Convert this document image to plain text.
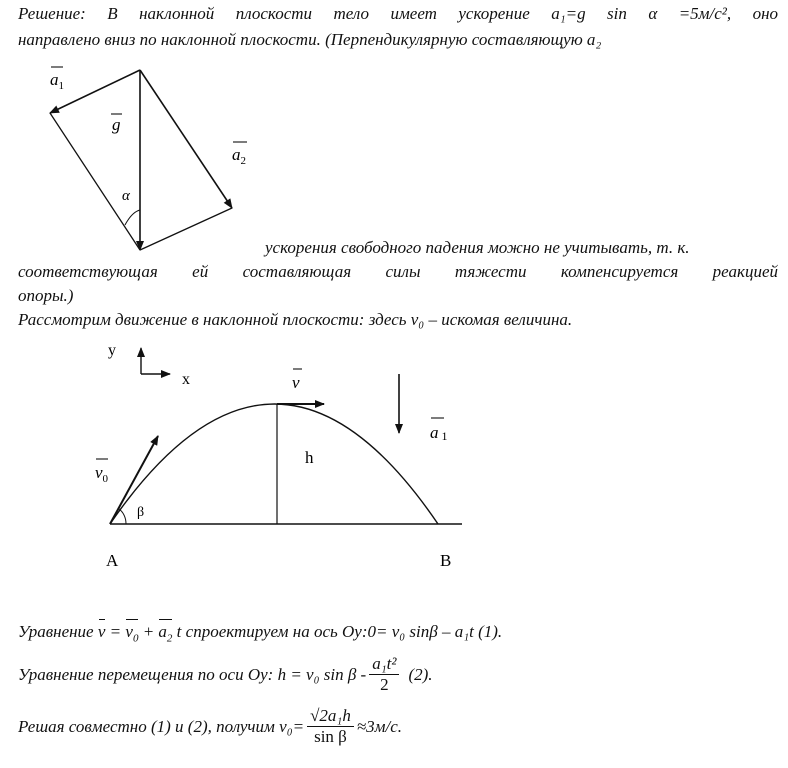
Решение: В наклонной плоскости тело имеет ускорение a₁=g sin α =5м/с², оно
направлено вниз по наклонной плоскости. (Перпендикулярную составляющую a₂
$a_1$
g
$a_2$
α
ускорения свободного падения можно не учитывать, т. к.
соответствующая ей составляющая силы тяжести компенсируется реакцией
опоры.)
Рассмотрим движение в наклонной плоскости: здесь v₀ – искомая величина.
y
x	v
a 1
h
$v_0$
β
A	B
Уравнение $v = v_0 + a_2$ t спроектируем на ось Oy:0= v₀ sinβ – a₁t (1).
Уравнение перемещения по оси Oy: h = v₀ sin β - $\frac{\text{a₁t²}}{2} (2)$.
Решая совместно (1) и (2), получим $v_0= \frac{\text{√2a₁h}}{\text{sin β}} \approx 3м/с$.
